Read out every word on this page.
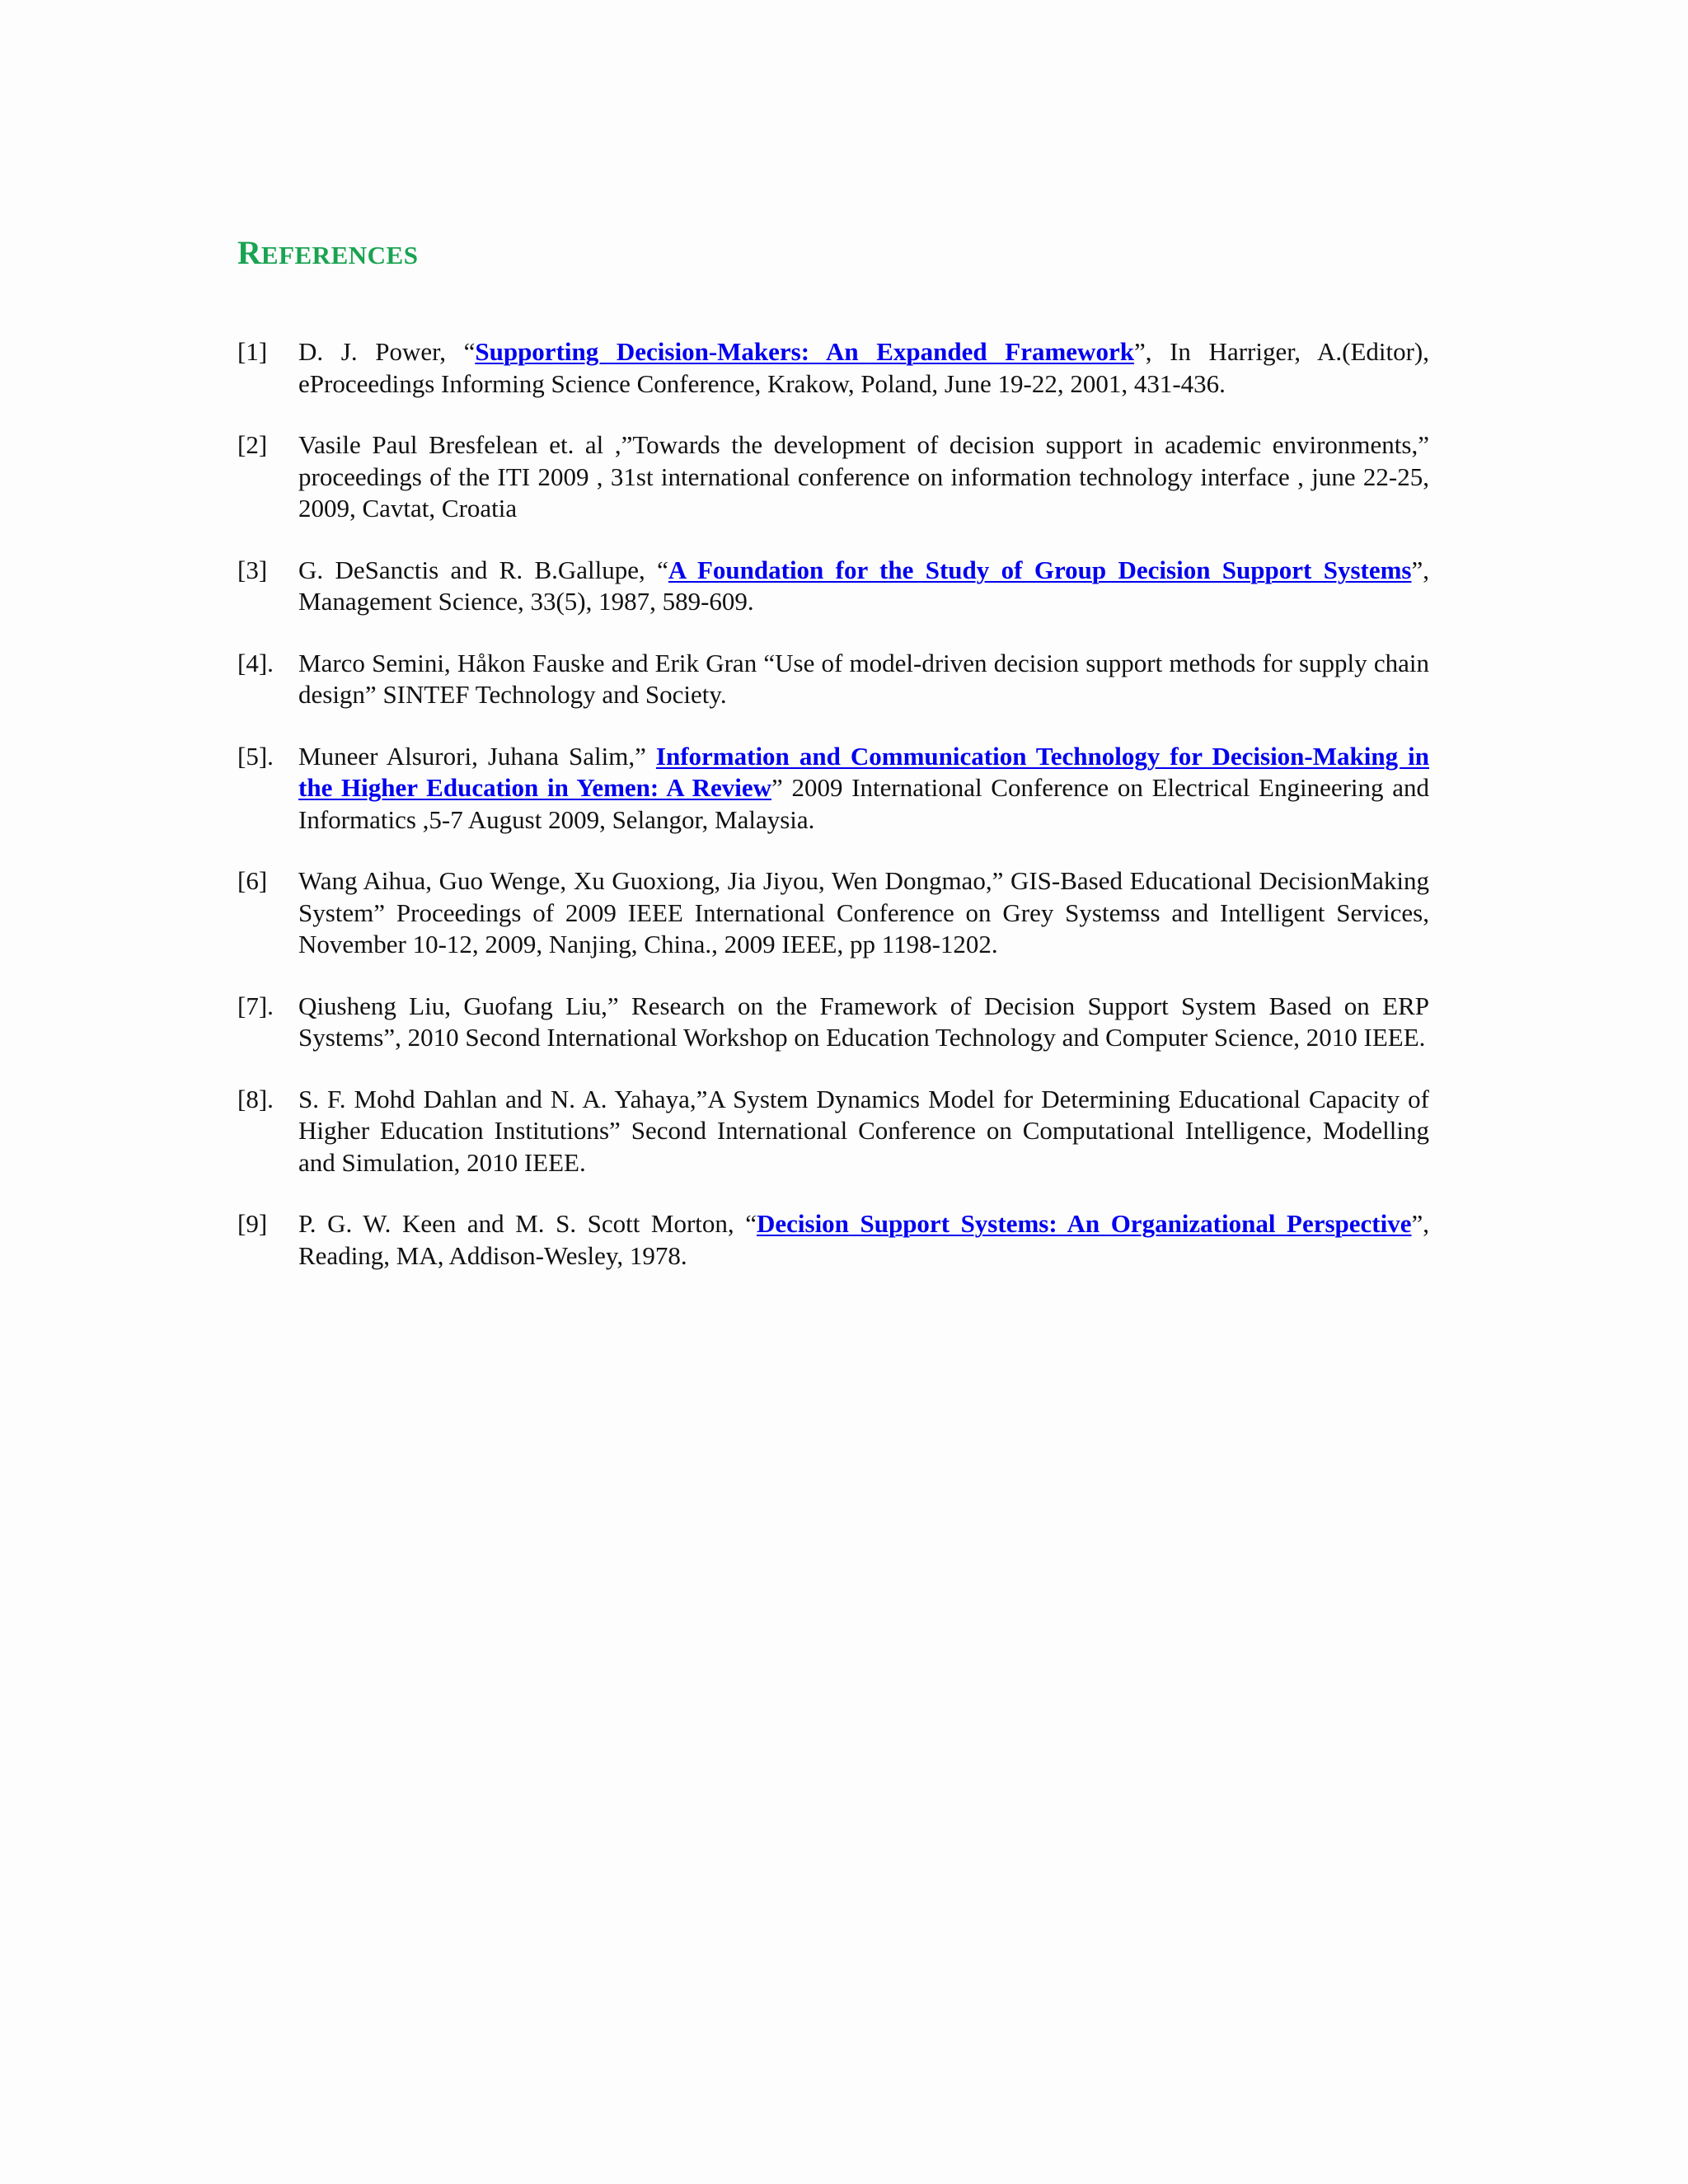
REFERENCES
[1]	D. J. Power, “Supporting Decision-Makers: An Expanded Framework”, In Harriger, A.(Editor), eProceedings Informing Science Conference, Krakow, Poland, June 19-22, 2001, 431-436.
[2]	Vasile Paul Bresfelean et. al ,”Towards the development of decision support in academic environments,” proceedings of the ITI 2009 , 31st international conference on information technology interface , june 22-25, 2009, Cavtat, Croatia
[3]	G. DeSanctis and R. B.Gallupe, “A Foundation for the Study of Group Decision Support Systems”, Management Science, 33(5), 1987, 589-609.
[4]. Marco Semini, Håkon Fauske and Erik Gran “Use of model-driven decision support methods for supply chain design” SINTEF Technology and Society.
[5]. Muneer Alsurori, Juhana Salim,” Information and Communication Technology for Decision-Making in the Higher Education in Yemen: A Review” 2009 International Conference on Electrical Engineering and Informatics ,5-7 August 2009, Selangor, Malaysia.
[6]	Wang Aihua, Guo Wenge, Xu Guoxiong, Jia Jiyou, Wen Dongmao,” GIS-Based Educational DecisionMaking System” Proceedings of 2009 IEEE International Conference on Grey Systemss and Intelligent Services, November 10-12, 2009, Nanjing, China., 2009 IEEE, pp 1198-1202.
[7]. Qiusheng Liu, Guofang Liu,” Research on the Framework of Decision Support System Based on ERP Systems”, 2010 Second International Workshop on Education Technology and Computer Science, 2010 IEEE.
[8]. S. F. Mohd Dahlan and N. A. Yahaya,”A System Dynamics Model for Determining Educational Capacity of Higher Education Institutions” Second International Conference on Computational Intelligence, Modelling and Simulation, 2010 IEEE.
[9]	P. G. W. Keen and M. S. Scott Morton, “Decision Support Systems: An Organizational Perspective”, Reading, MA, Addison-Wesley, 1978.
